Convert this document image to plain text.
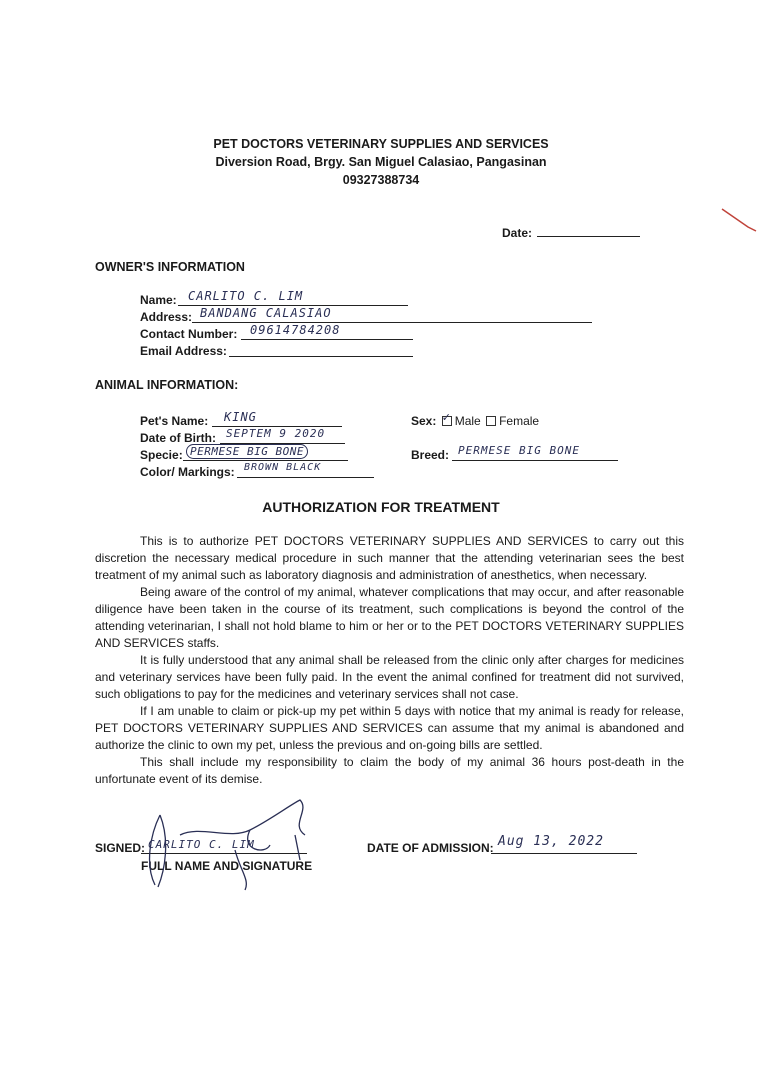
PET DOCTORS VETERINARY SUPPLIES AND SERVICES
Diversion Road, Brgy. San Miguel Calasiao, Pangasinan
09327388734
Date:
OWNER'S INFORMATION
Name: CARLITO C. LIM
Address: BANDANG CALASIAO
Contact Number: 09614784208
Email Address:
ANIMAL INFORMATION:
Pet's Name: KING
Date of Birth: SEPTEM 9 2020
Specie: PERMESE BIG BONE
Color/ Markings: BROWN BLACK
Sex: ✓ Male Female
Breed: PERMESE BIG BONE
AUTHORIZATION FOR TREATMENT

This is to authorize PET DOCTORS VETERINARY SUPPLIES AND SERVICES to carry out this discretion the necessary medical procedure in such manner that the attending veterinarian sees the best treatment of my animal such as laboratory diagnosis and administration of anesthetics, when necessary.

Being aware of the control of my animal, whatever complications that may occur, and after reasonable diligence have been taken in the course of its treatment, such complications is beyond the control of the attending veterinarian, I shall not hold blame to him or her or to the PET DOCTORS VETERINARY SUPPLIES AND SERVICES staffs.

It is fully understood that any animal shall be released from the clinic only after charges for medicines and veterinary services have been fully paid. In the event the animal confined for treatment did not survived, such obligations to pay for the medicines and veterinary services shall not case.

If I am unable to claim or pick-up my pet within 5 days with notice that my animal is ready for release, PET DOCTORS VETERINARY SUPPLIES AND SERVICES can assume that my animal is abandoned and authorize the clinic to own my pet, unless the previous and on-going bills are settled.

This shall include my responsibility to claim the body of my animal 36 hours post-death in the unfortunate event of its demise.

SIGNED: CARLITO C. LIM
FULL NAME AND SIGNATURE
DATE OF ADMISSION: Aug 13, 2022
